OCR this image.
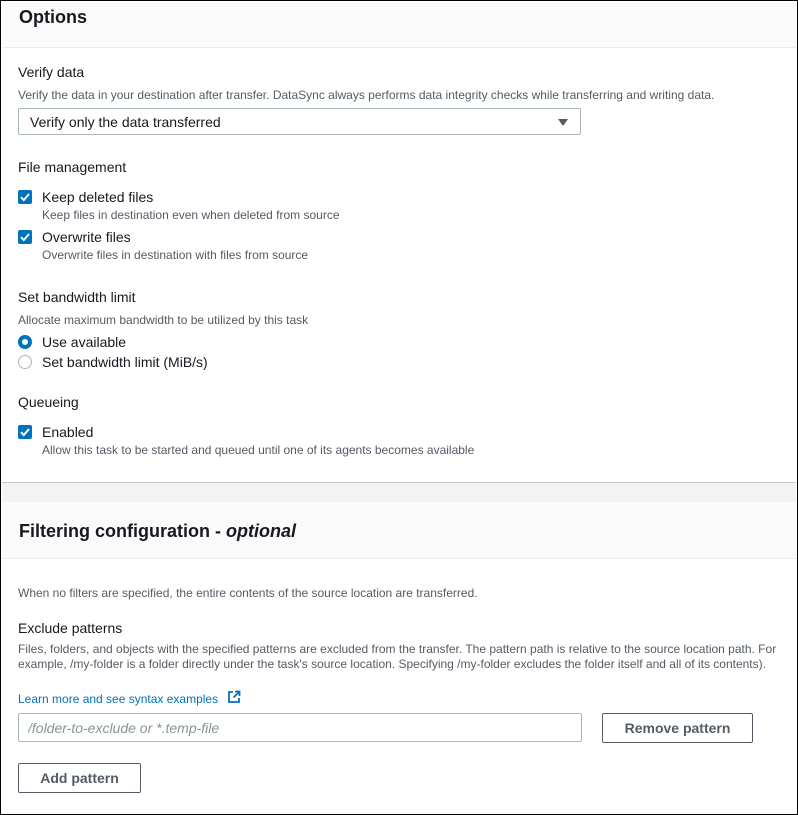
Options
Verify data
Verify the data in your destination after transfer. DataSync always performs data integrity checks while transferring and writing data.
Verify only the data transferred
File management
Keep deleted files
Keep files in destination even when deleted from source
Overwrite files
Overwrite files in destination with files from source
Set bandwidth limit
Allocate maximum bandwidth to be utilized by this task
Use available
Set bandwidth limit (MiB/s)
Queueing
Enabled
Allow this task to be started and queued until one of its agents becomes available
Filtering configuration - optional
When no filters are specified, the entire contents of the source location are transferred.
Exclude patterns
Files, folders, and objects with the specified patterns are excluded from the transfer. The pattern path is relative to the source location path. For example, /my-folder is a folder directly under the task's source location. Specifying /my-folder excludes the folder itself and all of its contents).
Learn more and see syntax examples
/folder-to-exclude or *.temp-file
Remove pattern
Add pattern
